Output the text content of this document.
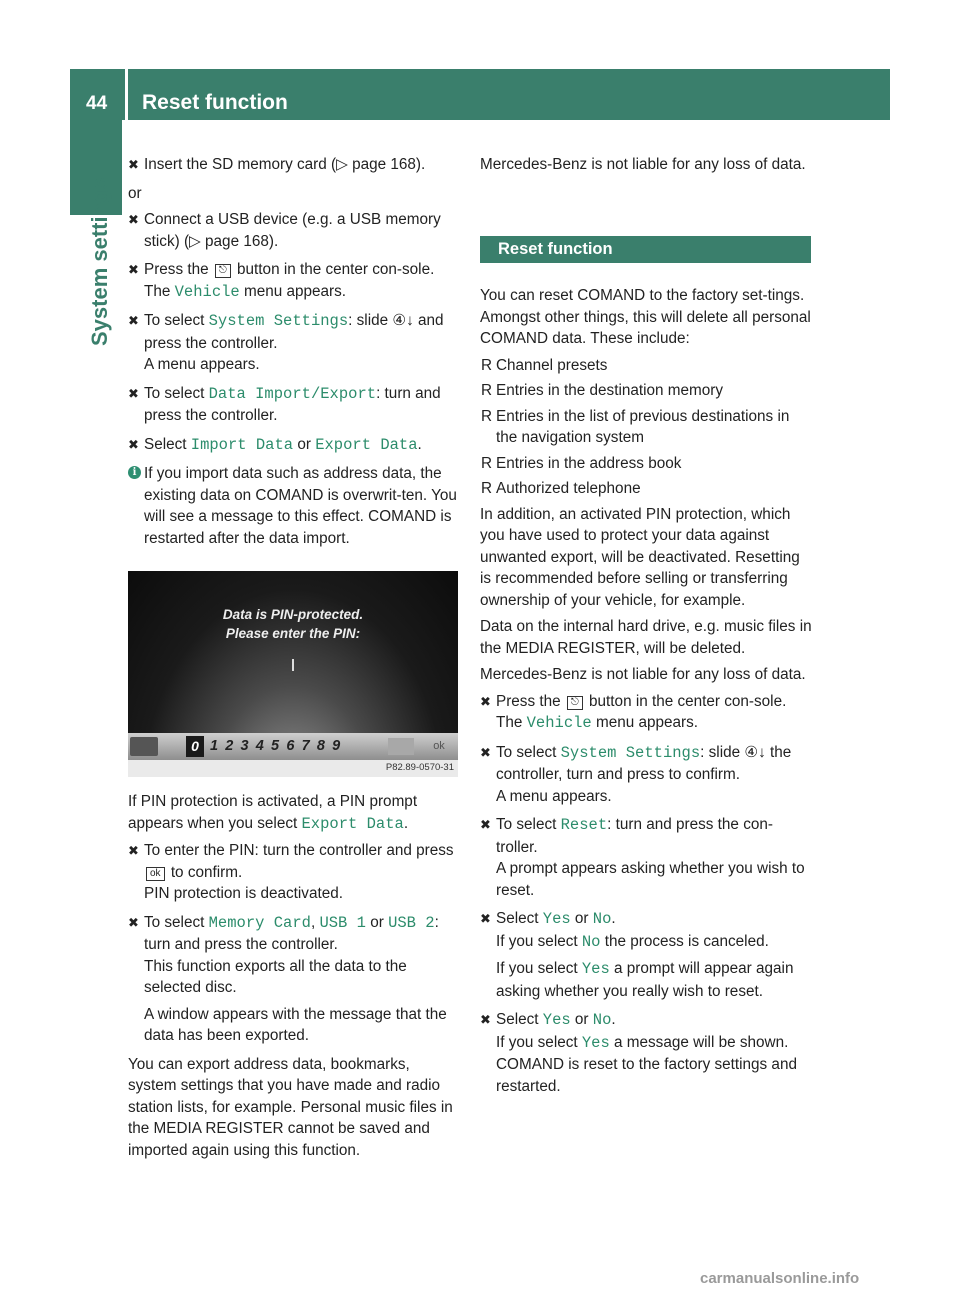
44 Reset function
System settings
✖ Insert the SD memory card (▷ page 168).

or

✖ Connect a USB device (e.g. a USB memory stick) (▷ page 168).
✖ Press the ⎋ button in the center con-sole.
The Vehicle menu appears.
✖ To select System Settings: slide ④↓ and press the controller.
A menu appears.
✖ To select Data Import/Export: turn and press the controller.
✖ Select Import Data or Export Data.
i If you import data such as address data, the existing data on COMAND is overwrit-ten. You will see a message to this effect. COMAND is restarted after the data import.
Data is PIN-protected.
Please enter the PIN:
0 123456789	ok
P82.89-0570-31

If PIN protection is activated, a PIN prompt appears when you select Export Data.

✖ To enter the PIN: turn the controller and press ok to confirm.
PIN protection is deactivated.
✖ To select Memory Card, USB 1 or USB 2: turn and press the controller.
This function exports all the data to the selected disc.
A window appears with the message that the data has been exported.

You can export address data, bookmarks, system settings that you have made and radio station lists, for example. Personal music files in the MEDIA REGISTER cannot be saved and imported again using this function.

Mercedes-Benz is not liable for any loss of data.

Reset function

You can reset COMAND to the factory set-tings. Amongst other things, this will delete all personal COMAND data. These include:

R Channel presets
R Entries in the destination memory
R Entries in the list of previous destinations in the navigation system
R Entries in the address book
R Authorized telephone

In addition, an activated PIN protection, which you have used to protect your data against unwanted export, will be deactivated. Resetting is recommended before selling or transferring ownership of your vehicle, for example.

Data on the internal hard drive, e.g. music files in the MEDIA REGISTER, will be deleted.

Mercedes-Benz is not liable for any loss of data.

✖ Press the ⎋ button in the center con-sole.
The Vehicle menu appears.
✖ To select System Settings: slide ④↓ the controller, turn and press to confirm.
A menu appears.
✖ To select Reset: turn and press the con-troller.
A prompt appears asking whether you wish to reset.
✖ Select Yes or No.
If you select No the process is canceled.
If you select Yes a prompt will appear again asking whether you really wish to reset.
✖ Select Yes or No.
If you select Yes a message will be shown. COMAND is reset to the factory settings and restarted.
carmanualsonline.info
